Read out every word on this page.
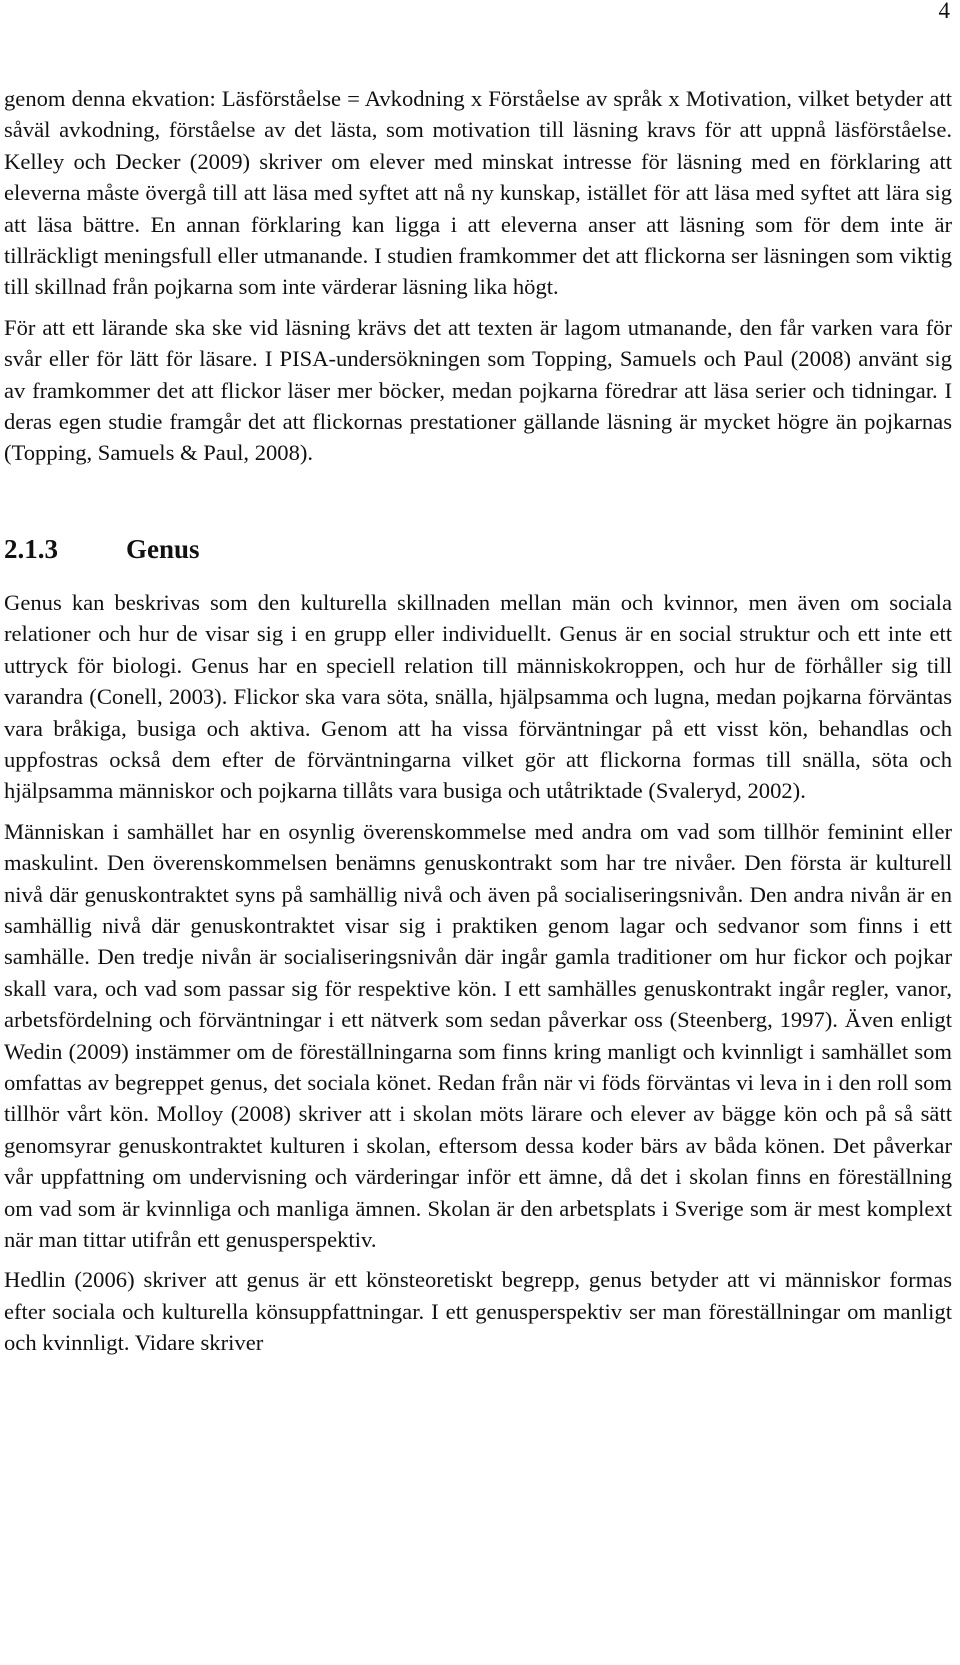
4

genom denna ekvation: Läsförståelse = Avkodning x Förståelse av språk x Motivation, vilket betyder att såväl avkodning, förståelse av det lästa, som motivation till läsning kravs för att uppnå läsförståelse. Kelley och Decker (2009) skriver om elever med minskat intresse för läsning med en förklaring att eleverna måste övergå till att läsa med syftet att nå ny kunskap, istället för att läsa med syftet att lära sig att läsa bättre. En annan förklaring kan ligga i att eleverna anser att läsning som för dem inte är tillräckligt meningsfull eller utmanande. I studien framkommer det att flickorna ser läsningen som viktig till skillnad från pojkarna som inte värderar läsning lika högt.

För att ett lärande ska ske vid läsning krävs det att texten är lagom utmanande, den får varken vara för svår eller för lätt för läsare. I PISA-undersökningen som Topping, Samuels och Paul (2008) använt sig av framkommer det att flickor läser mer böcker, medan pojkarna föredrar att läsa serier och tidningar. I deras egen studie framgår det att flickornas prestationer gällande läsning är mycket högre än pojkarnas (Topping, Samuels & Paul, 2008).

2.1.3	Genus

Genus kan beskrivas som den kulturella skillnaden mellan män och kvinnor, men även om sociala relationer och hur de visar sig i en grupp eller individuellt. Genus är en social struktur och ett inte ett uttryck för biologi. Genus har en speciell relation till människokroppen, och hur de förhåller sig till varandra (Conell, 2003). Flickor ska vara söta, snälla, hjälpsamma och lugna, medan pojkarna förväntas vara bråkiga, busiga och aktiva. Genom att ha vissa förväntningar på ett visst kön, behandlas och uppfostras också dem efter de förväntningarna vilket gör att flickorna formas till snälla, söta och hjälpsamma människor och pojkarna tillåts vara busiga och utåtriktade (Svaleryd, 2002).

Människan i samhället har en osynlig överenskommelse med andra om vad som tillhör feminint eller maskulint. Den överenskommelsen benämns genuskontrakt som har tre nivåer. Den första är kulturell nivå där genuskontraktet syns på samhällig nivå och även på socialiseringsnivån. Den andra nivån är en samhällig nivå där genuskontraktet visar sig i praktiken genom lagar och sedvanor som finns i ett samhälle. Den tredje nivån är socialiseringsnivån där ingår gamla traditioner om hur fickor och pojkar skall vara, och vad som passar sig för respektive kön. I ett samhälles genuskontrakt ingår regler, vanor, arbetsfördelning och förväntningar i ett nätverk som sedan påverkar oss (Steenberg, 1997). Även enligt Wedin (2009) instämmer om de föreställningarna som finns kring manligt och kvinnligt i samhället som omfattas av begreppet genus, det sociala könet. Redan från när vi föds förväntas vi leva in i den roll som tillhör vårt kön. Molloy (2008) skriver att i skolan möts lärare och elever av bägge kön och på så sätt genomsyrar genuskontraktet kulturen i skolan, eftersom dessa koder bärs av båda könen. Det påverkar vår uppfattning om undervisning och värderingar inför ett ämne, då det i skolan finns en föreställning om vad som är kvinnliga och manliga ämnen. Skolan är den arbetsplats i Sverige som är mest komplext när man tittar utifrån ett genusperspektiv.

Hedlin (2006) skriver att genus är ett könsteoretiskt begrepp, genus betyder att vi människor formas efter sociala och kulturella könsuppfattningar. I ett genusperspektiv ser man föreställningar om manligt och kvinnligt. Vidare skriver
